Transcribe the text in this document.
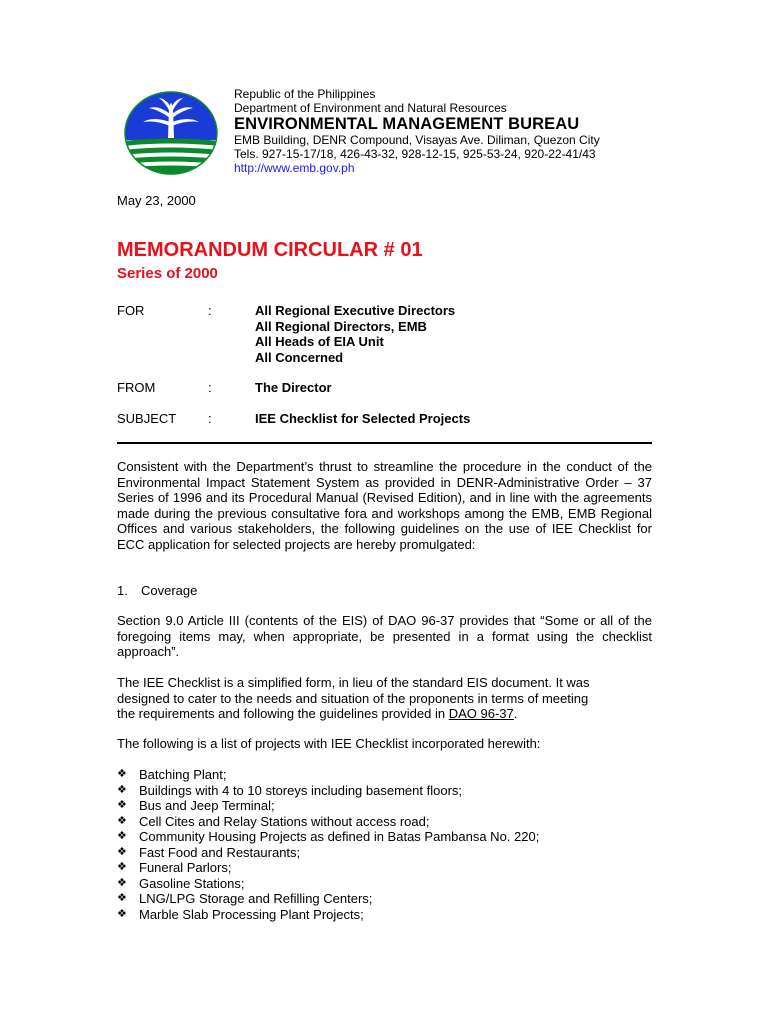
Republic of the Philippines
Department of Environment and Natural Resources
ENVIRONMENTAL MANAGEMENT BUREAU
EMB Building, DENR Compound, Visayas Ave. Diliman, Quezon City
Tels. 927-15-17/18, 426-43-32, 928-12-15, 925-53-24, 920-22-41/43
http://www.emb.gov.ph
May 23, 2000
MEMORANDUM CIRCULAR # 01
Series of 2000
FOR	:	All Regional Executive Directors
All Regional Directors, EMB
All Heads of EIA Unit
All Concerned
FROM	:	The Director
SUBJECT :	IEE Checklist for Selected Projects

Consistent with the Department’s thrust to streamline the procedure in the conduct of the Environmental Impact Statement System as provided in DENR-Administrative Order – 37 Series of 1996 and its Procedural Manual (Revised Edition), and in line with the agreements made during the previous consultative fora and workshops among the EMB, EMB Regional Offices and various stakeholders, the following guidelines on the use of IEE Checklist for ECC application for selected projects are hereby promulgated:

1. Coverage

Section 9.0 Article III (contents of the EIS) of DAO 96-37 provides that “Some or all of the foregoing items may, when appropriate, be presented in a format using the checklist approach”.

The IEE Checklist is a simplified form, in lieu of the standard EIS document. It was
designed to cater to the needs and situation of the proponents in terms of meeting
the requirements and following the guidelines provided in DAO 96-37.

The following is a list of projects with IEE Checklist incorporated herewith:

❖ Batching Plant;
❖ Buildings with 4 to 10 storeys including basement floors;
❖ Bus and Jeep Terminal;
❖ Cell Cites and Relay Stations without access road;
❖ Community Housing Projects as defined in Batas Pambansa No. 220;
❖ Fast Food and Restaurants;
❖ Funeral Parlors;
❖ Gasoline Stations;
❖ LNG/LPG Storage and Refilling Centers;
❖ Marble Slab Processing Plant Projects;
